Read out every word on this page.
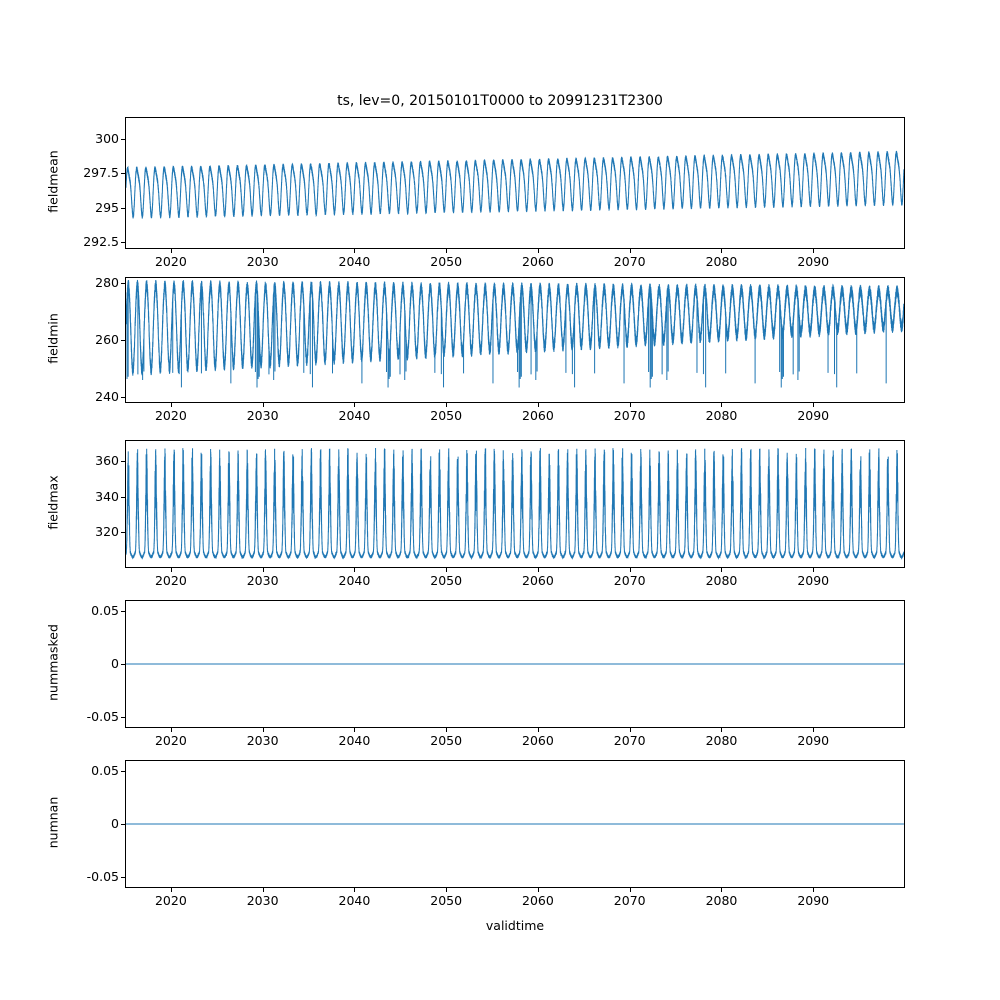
ts, lev=0, 20150101T0000 to 20991231T2300
validtime
fieldmean
292.5
295
297.5
300
2020	2030	2040	2050	2060	2070	2080	2090
fieldmin
240
260
280
2020	2030	2040	2050	2060	2070	2080	2090
fieldmax
320
340
360
2020	2030	2040	2050	2060	2070	2080	2090
nummasked
-0.05
0
0.05
2020	2030	2040	2050	2060	2070	2080	2090
numnan
-0.05
0
0.05
2020	2030	2040	2050	2060	2070	2080	2090
